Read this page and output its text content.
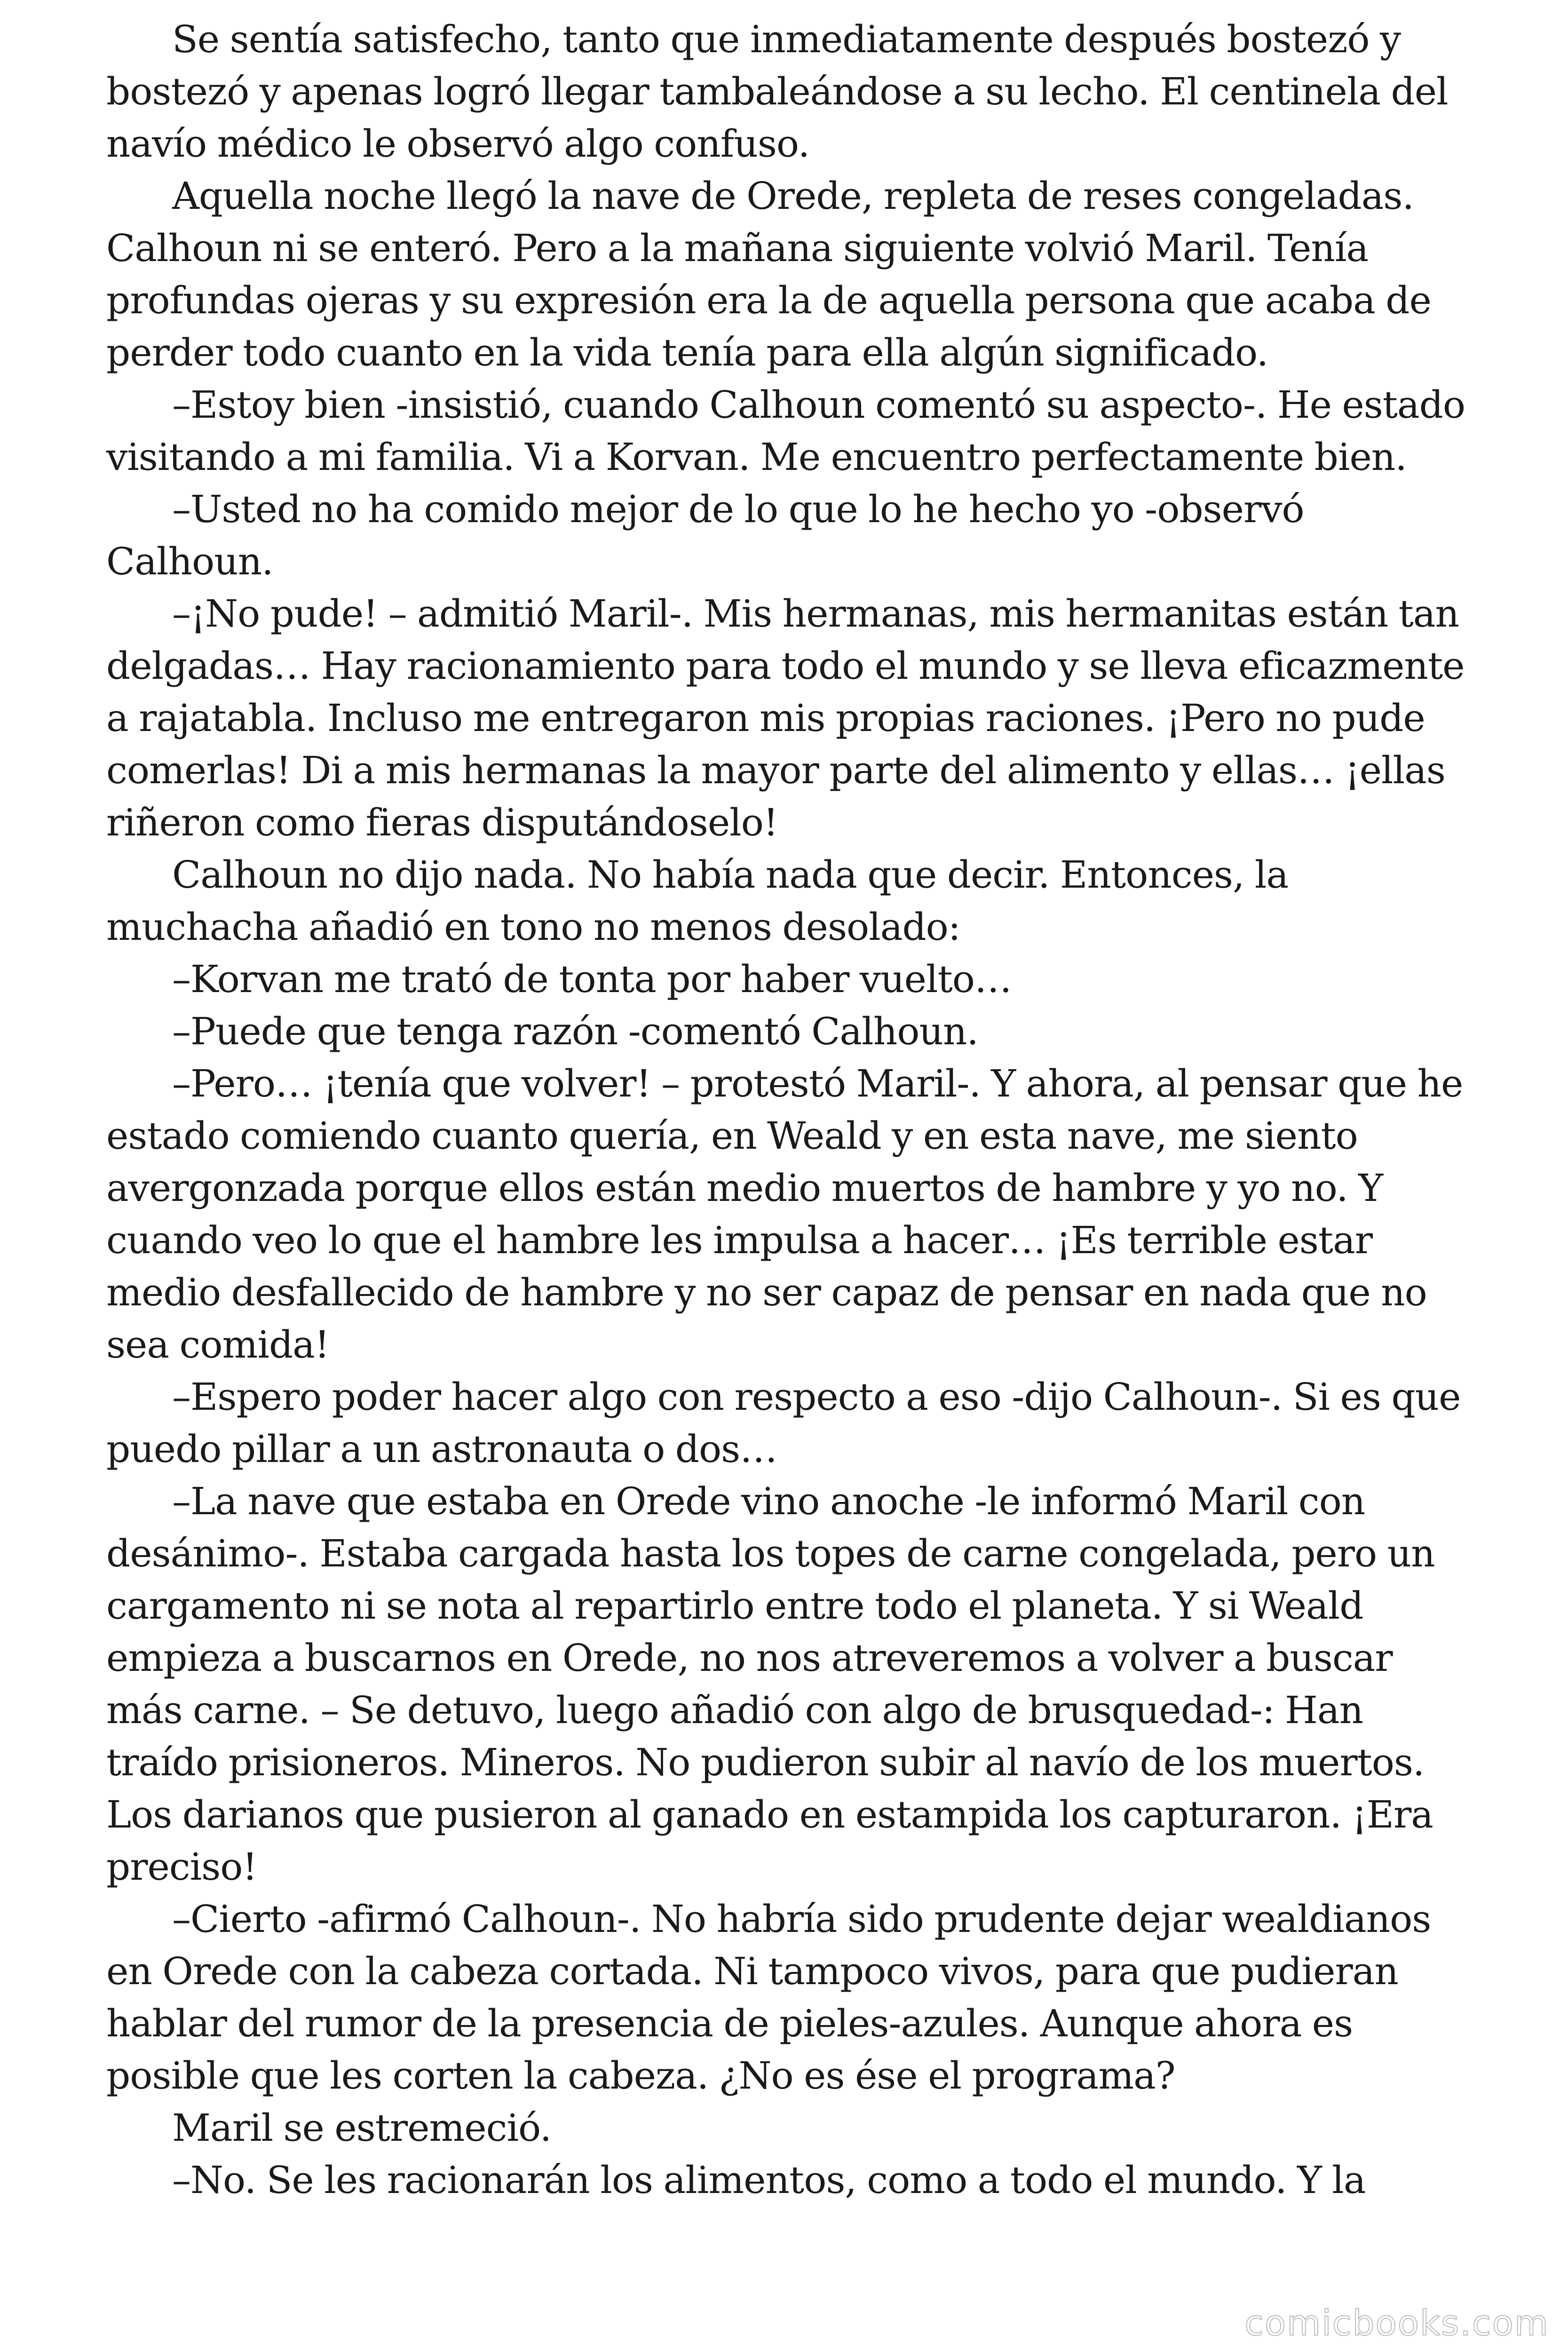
Se sentía satisfecho, tanto que inmediatamente después bostezó y bostezó y apenas logró llegar tambaleándose a su lecho. El centinela del navío médico le observó algo confuso.

Aquella noche llegó la nave de Orede, repleta de reses congeladas. Calhoun ni se enteró. Pero a la mañana siguiente volvió Maril. Tenía profundas ojeras y su expresión era la de aquella persona que acaba de perder todo cuanto en la vida tenía para ella algún significado.

–Estoy bien -insistió, cuando Calhoun comentó su aspecto-. He estado visitando a mi familia. Vi a Korvan. Me encuentro perfectamente bien.

–Usted no ha comido mejor de lo que lo he hecho yo -observó Calhoun.

–¡No pude! – admitió Maril-. Mis hermanas, mis hermanitas están tan delgadas… Hay racionamiento para todo el mundo y se lleva eficazmente a rajatabla. Incluso me entregaron mis propias raciones. ¡Pero no pude comerlas! Di a mis hermanas la mayor parte del alimento y ellas… ¡ellas riñeron como fieras disputándoselo!

Calhoun no dijo nada. No había nada que decir. Entonces, la muchacha añadió en tono no menos desolado:

–Korvan me trató de tonta por haber vuelto…

–Puede que tenga razón -comentó Calhoun.

–Pero… ¡tenía que volver! – protestó Maril-. Y ahora, al pensar que he estado comiendo cuanto quería, en Weald y en esta nave, me siento avergonzada porque ellos están medio muertos de hambre y yo no. Y cuando veo lo que el hambre les impulsa a hacer… ¡Es terrible estar medio desfallecido de hambre y no ser capaz de pensar en nada que no sea comida!

–Espero poder hacer algo con respecto a eso -dijo Calhoun-. Si es que puedo pillar a un astronauta o dos…

–La nave que estaba en Orede vino anoche -le informó Maril con desánimo-. Estaba cargada hasta los topes de carne congelada, pero un cargamento ni se nota al repartirlo entre todo el planeta. Y si Weald empieza a buscarnos en Orede, no nos atreveremos a volver a buscar más carne. – Se detuvo, luego añadió con algo de brusquedad-: Han traído prisioneros. Mineros. No pudieron subir al navío de los muertos. Los darianos que pusieron al ganado en estampida los capturaron. ¡Era preciso!

–Cierto -afirmó Calhoun-. No habría sido prudente dejar wealdianos en Orede con la cabeza cortada. Ni tampoco vivos, para que pudieran hablar del rumor de la presencia de pieles-azules. Aunque ahora es posible que les corten la cabeza. ¿No es ése el programa?

Maril se estremeció.

–No. Se les racionarán los alimentos, como a todo el mundo. Y la

comicbooks.com
